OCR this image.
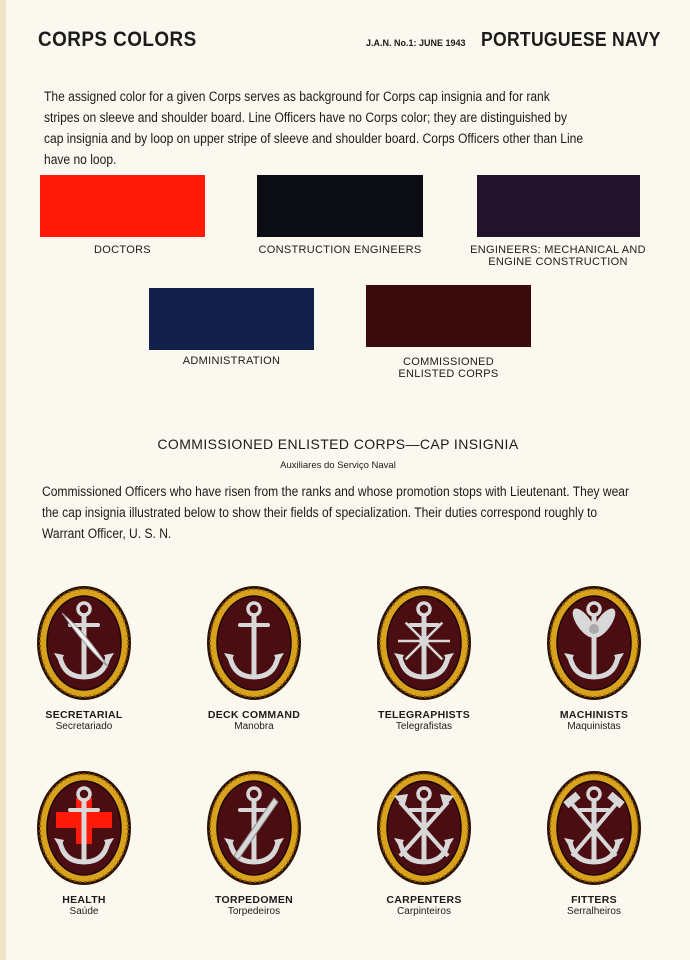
CORPS COLORS	J.A.N. No.1: JUNE 1943 PORTUGUESE NAVY
The assigned color for a given Corps serves as background for Corps cap insignia and for rank stripes on sleeve and shoulder board. Line Officers have no Corps color; they are distinguished by cap insignia and by loop on upper stripe of sleeve and shoulder board. Corps Officers other than Line have no loop.
DOCTORS	CONSTRUCTION ENGINEERS	ENGINEERS: MECHANICAL AND
ENGINE CONSTRUCTION
ADMINISTRATION	COMMISSIONED
ENLISTED CORPS
COMMISSIONED ENLISTED CORPS—CAP INSIGNIA
Auxiliares do Serviço Naval
Commissioned Officers who have risen from the ranks and whose promotion stops with Lieutenant. They wear the cap insignia illustrated below to show their fields of specialization. Their duties correspond roughly to Warrant Officer, U. S. N.
SECRETARIAL
Secretariado
DECK COMMAND
Manobra
TELEGRAPHISTS
Telegrafistas
MACHINISTS
Maquinistas
HEALTH
Saúde
TORPEDOMEN
Torpedeiros
CARPENTERS
Carpinteiros
FITTERS
Serralheiros
